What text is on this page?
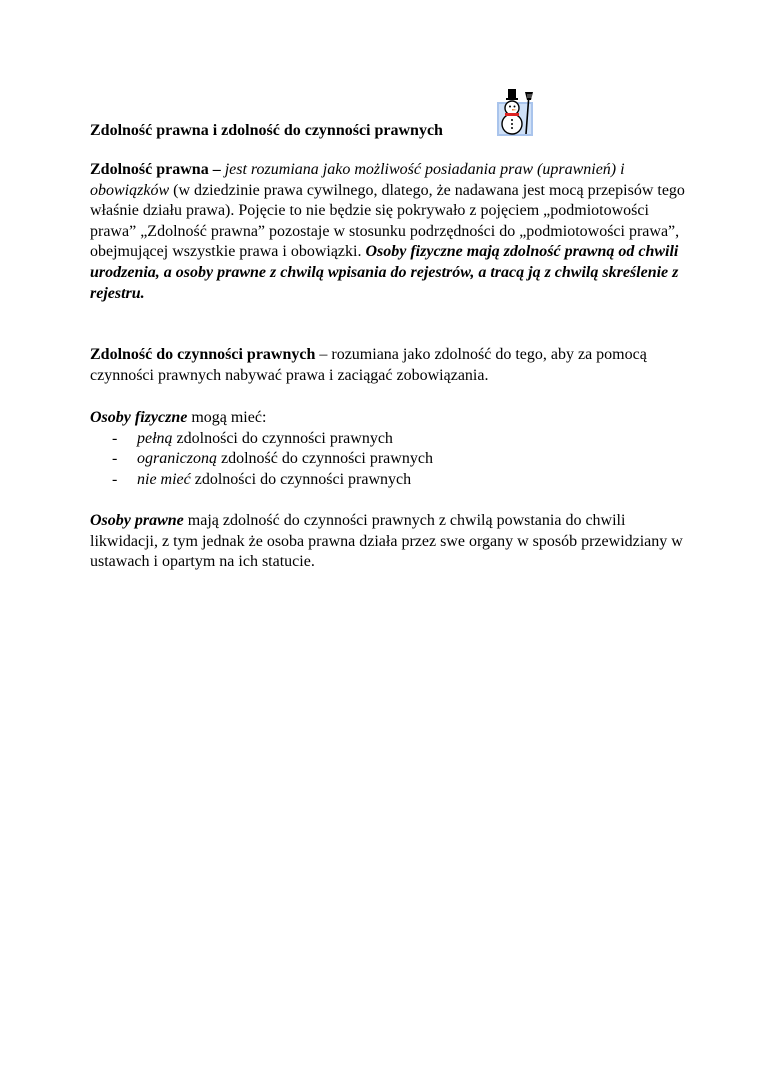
Zdolność prawna i zdolność do czynności prawnych

Zdolność prawna – jest rozumiana jako możliwość posiadania praw (uprawnień) i obowiązków (w dziedzinie prawa cywilnego, dlatego, że nadawana jest mocą przepisów tego właśnie działu prawa). Pojęcie to nie będzie się pokrywało z pojęciem „podmiotowości prawa” „Zdolność prawna” pozostaje w stosunku podrzędności do „podmiotowości prawa”, obejmującej wszystkie prawa i obowiązki. Osoby fizyczne mają zdolność prawną od chwili urodzenia, a osoby prawne z chwilą wpisania do rejestrów, a tracą ją z chwilą skreślenie z rejestru.

Zdolność do czynności prawnych – rozumiana jako zdolność do tego, aby za pomocą czynności prawnych nabywać prawa i zaciągać zobowiązania.

Osoby fizyczne mogą mieć:
- pełną zdolności do czynności prawnych
- ograniczoną zdolność do czynności prawnych
- nie mieć zdolności do czynności prawnych

Osoby prawne mają zdolność do czynności prawnych z chwilą powstania do chwili likwidacji, z tym jednak że osoba prawna działa przez swe organy w sposób przewidziany w ustawach i opartym na ich statucie.
